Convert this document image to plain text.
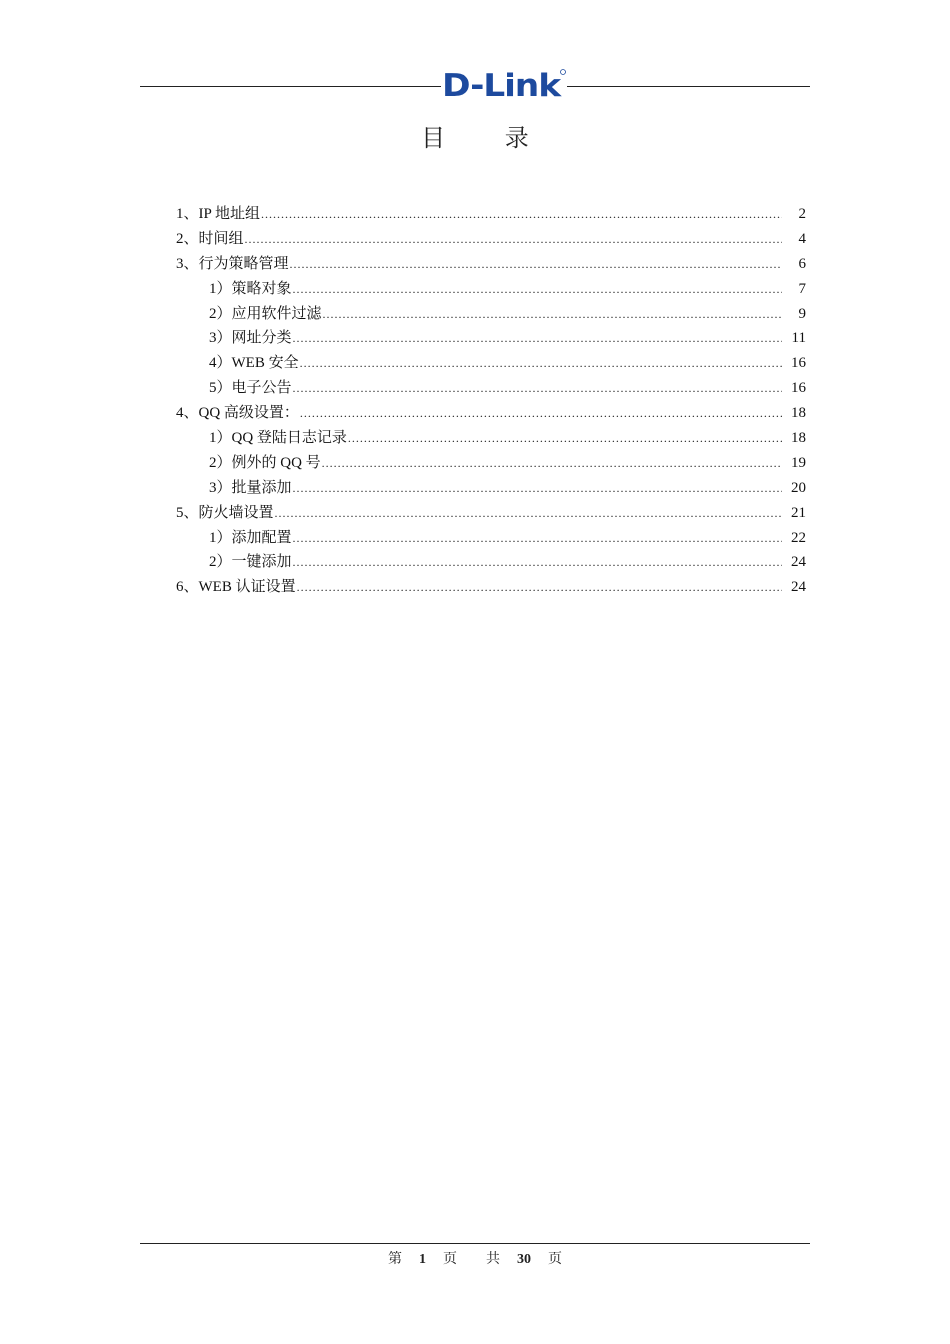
D-Link
目 录
1、IP 地址组 .....	2
2、时间组 .....	4
3、行为策略管理 .....	6
1）策略对象 .....	7
2）应用软件过滤 .....	9
3）网址分类 .....	11
4）WEB 安全 .....	16
5）电子公告 .....	16
4、QQ 高级设置： .....	18
1）QQ 登陆日志记录 .....	18
2）例外的 QQ 号 .....	19
3）批量添加 .....	20
5、防火墙设置 .....	21
1）添加配置 .....	22
2）一键添加 .....	24
6、WEB 认证设置 .....	24
第 1 页 共 30 页
